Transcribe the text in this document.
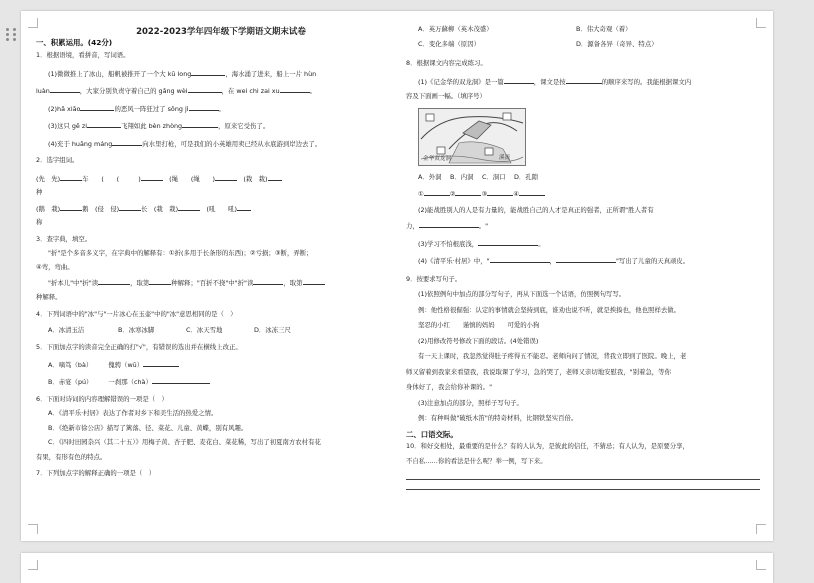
2022-2023学年四年级下学期语文期末试卷
一、积累运用。(42分)
1．根据语境，看拼音，写词语。
(1)微微推上了冰山，船帆被推开了一个大 kū long	，海水涌了进来，船上一片 hùn
luàn	，大家分别负责守着自己的 gǎng wèi	，在 wei chi zai xu	。
(2)hǎ xiāo	的恶风一阵狂过了 sōng jì	。
(3)这只 gē zi	飞翔如此 bèn zhòng	，原来它受伤了。
(4)充于 huāng máng	向水里打枪，可是我们的小英雄用卖已经从水底游到岸边去了。
2．选字组词。
(先　先)	车　　(　　(　　　)　	(绳　　(绳　　)　	(栽　栽)
种
(鹅　栽)	鹅　 (侵　侵)	长　 (栽　栽)　	(吼　　吼)
称
3．查字典，填空。
"折"是个多音多义字，在字典中的解释有：①折(多用于长条形的东西)；②亏损；③断，弄断；
④弯，弯曲。
"折本儿"中"折"读	，取第	种解释；"百折不挠"中"折"读	，取第
种解释。
4．下列词语中的"冰"与"一片冰心在玉壶"中的"冰"意思相同的是（　）
A．冰清玉洁	B．冰寒冰脚	C．冰天雪地	D．冰冻三尺
5．下面加点字的读音完全正确的打"√"，有错误的选出并在横线上改正。
A．嘀笃（bà）　　　	傀骋（wū）
B．赤宴（pú）　　　	一刹那（chà）
6．下面对诗词的内容理解错误的一项是（　）
A．《清平乐·村居》表达了作者对乡下和美生活的热爱之情。
B．《绝新市徐公店》描写了篱落、径、菜花、儿童、黄蝶，别有风趣。
C．《四时田园杂兴（其二十五）》用梅子黄、杏子肥、麦花白、菜花稀，写出了初夏南方农村有花
有果，有形有色的特点。
7．下列加点字的解释正确的一项是（　）
A．英万蘇柳（英木茂盛）	B．伟大奇观（着）
C．变化多端（原因）	D．源备各异（奇异、特点）
8．根据课文内容完成练习。
(1)《记金华的双龙洞》是一篇	，课文是按	的顺序来写的。我能根据课文内
容及下面画一幅。（填序号）
金华双龙洞	溪流
A．外洞　 B．内洞　 C．洞口　 D．孔隙
①	②	③	④
(2)能战胜别人的人是有力量的，能战胜自己的人才是真正的强者，正所谓"胜人者有
力，	。"
(3)学习不怕根底浅，	。
(4)《清平乐·村居》中，"	，	"写出了儿童的天真顽皮。
9．按要求写句子。
(1)依照例句中加点的部分写句子，再从下面选一个话语，仿照例句写写。
例：他性格很倔强：认定的事情就会坚持到底，谁劝也说不听，就是挨揍也，他也照样去做。
坚忍的小红　　谨慎的妈妈　　可爱的小狗
(2)用修改符号修改下面的段话。(4处错误)
有一天上课时，我忽然觉得肚子疼得五不能忍。老师向问了情况，背我立即到了医院。晚上，老
师又留着到我家来看望我，我说取课了学习，急的哭了，老师又亲切地安慰我，"别着急，等你
身体好了，我会给你补课的。"
(3)注意加点的部分，照样子写句子。
例：有种叫做"破纸木笛"的特奇材料，比钢铁坚实百倍。
二、口语交际。
10．和好交相处，最重要的是什么？有的人认为，是彼此的信任，不猜忌；有人认为，是原要分享，
不自私……你的看法是什么呢？举一例，写下来。
